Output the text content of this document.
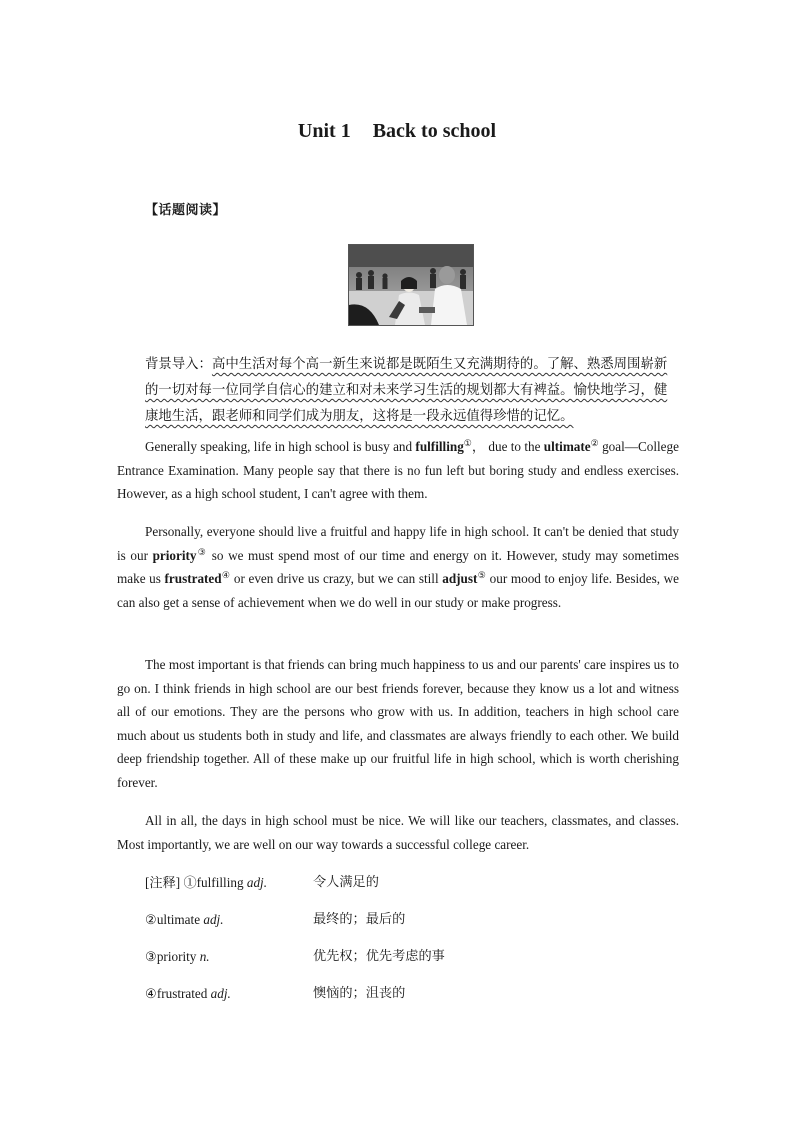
Unit 1 Back to school
【话题阅读】
背景导入：高中生活对每个高一新生来说都是既陌生又充满期待的。了解、熟悉周围崭新的一切对每一位同学自信心的建立和对未来学习生活的规划都大有裨益。愉快地学习，健康地生活，跟老师和同学们成为朋友，这将是一段永远值得珍惜的记忆。
Generally speaking, life in high school is busy and fulfilling①， due to the ultimate② goal—College Entrance Examination. Many people say that there is no fun left but boring study and endless exercises. However, as a high school student, I can't agree with them.
Personally, everyone should live a fruitful and happy life in high school. It can't be denied that study is our priority③ so we must spend most of our time and energy on it. However, study may sometimes make us frustrated④ or even drive us crazy, but we can still adjust⑤ our mood to enjoy life. Besides, we can also get a sense of achievement when we do well in our study or make progress.
The most important is that friends can bring much happiness to us and our parents' care inspires us to go on. I think friends in high school are our best friends forever, because they know us a lot and witness all of our emotions. They are the persons who grow with us. In addition, teachers in high school care much about us students both in study and life, and classmates are always friendly to each other. We build deep friendship together. All of these make up our fruitful life in high school, which is worth cherishing forever.
All in all, the days in high school must be nice. We will like our teachers, classmates, and classes. Most importantly, we are well on our way towards a successful college career.
[注释] ①fulfilling adj.	令人满足的
②ultimate adj.	最终的；最后的
③priority n.	优先权；优先考虑的事
④frustrated adj.	懊恼的；沮丧的
